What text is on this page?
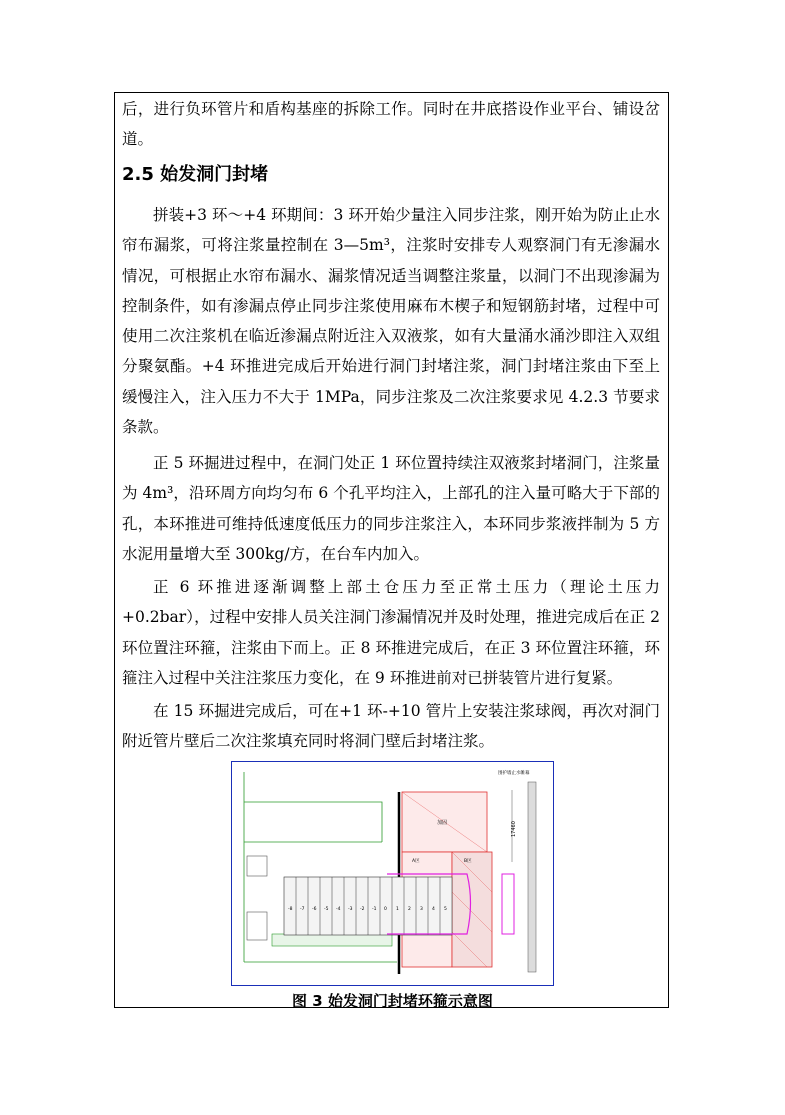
后，进行负环管片和盾构基座的拆除工作。同时在井底搭设作业平台、铺设岔道。

2.5 始发洞门封堵

拼装+3 环～+4 环期间：3 环开始少量注入同步注浆，刚开始为防止止水帘布漏浆，可将注浆量控制在 3—5m³，注浆时安排专人观察洞门有无渗漏水情况，可根据止水帘布漏水、漏浆情况适当调整注浆量，以洞门不出现渗漏为控制条件，如有渗漏点停止同步注浆使用麻布木楔子和短钢筋封堵，过程中可使用二次注浆机在临近渗漏点附近注入双液浆，如有大量涌水涌沙即注入双组分聚氨酯。+4 环推进完成后开始进行洞门封堵注浆，洞门封堵注浆由下至上缓慢注入，注入压力不大于 1MPa，同步注浆及二次注浆要求见 4.2.3 节要求条款。

正 5 环掘进过程中，在洞门处正 1 环位置持续注双液浆封堵洞门，注浆量为 4m³，沿环周方向均匀布 6 个孔平均注入，上部孔的注入量可略大于下部的孔，本环推进可维持低速度低压力的同步注浆注入，本环同步浆液拌制为 5 方水泥用量增大至 300kg/方，在台车内加入。

正 6 环推进逐渐调整上部土仓压力至正常土压力（理论土压力+0.2bar），过程中安排人员关注洞门渗漏情况并及时处理，推进完成后在正 2 环位置注环箍，注浆由下而上。正 8 环推进完成后，在正 3 环位置注环箍，环箍注入过程中关注注浆压力变化，在 9 环推进前对已拼装管片进行复紧。

在 15 环掘进完成后，可在+1 环-+10 管片上安装注浆球阀，再次对洞门附近管片壁后二次注浆填充同时将洞门壁后封堵注浆。

-8 -7 -6 -5 -4 -3 -2 -1 0 1 2 3 4 5
17460
围护墙止水帷幕
加固
A区	B区
图 3 始发洞门封堵环箍示意图
